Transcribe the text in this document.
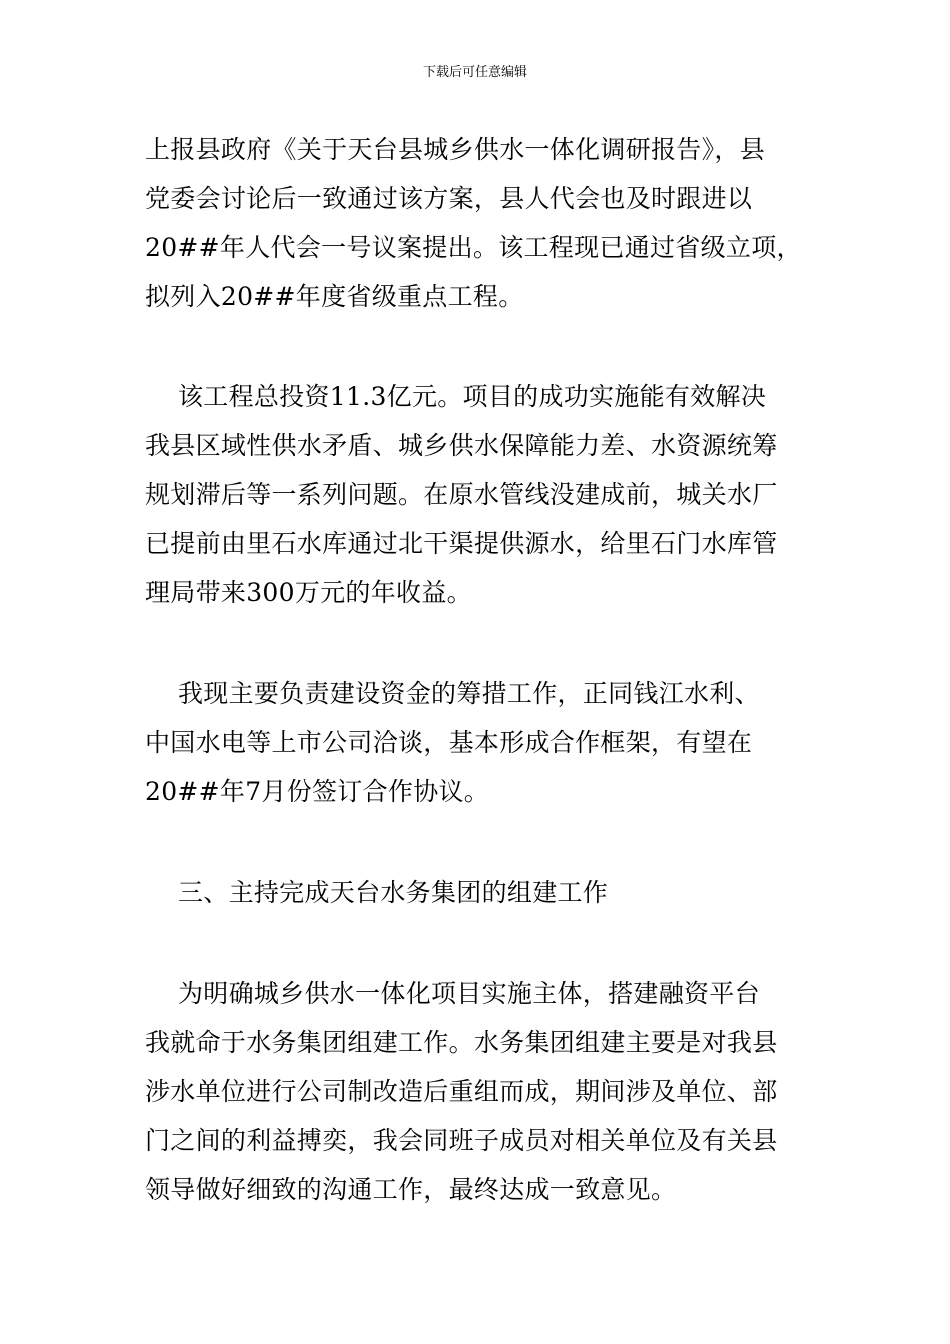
下载后可任意编辑
上报县政府《关于天台县城乡供水一体化调研报告》，县
党委会讨论后一致通过该方案，县人代会也及时跟进以
20##年人代会一号议案提出。该工程现已通过省级立项，
拟列入20##年度省级重点工程。
该工程总投资11.3亿元。项目的成功实施能有效解决
我县区域性供水矛盾、城乡供水保障能力差、水资源统筹
规划滞后等一系列问题。在原水管线没建成前，城关水厂
已提前由里石水库通过北干渠提供源水，给里石门水库管
理局带来300万元的年收益。
我现主要负责建设资金的筹措工作，正同钱江水利、
中国水电等上市公司洽谈，基本形成合作框架，有望在
20##年7月份签订合作协议。
三、主持完成天台水务集团的组建工作
为明确城乡供水一体化项目实施主体，搭建融资平台
我就命于水务集团组建工作。水务集团组建主要是对我县
涉水单位进行公司制改造后重组而成，期间涉及单位、部
门之间的利益搏奕，我会同班子成员对相关单位及有关县
领导做好细致的沟通工作，最终达成一致意见。
